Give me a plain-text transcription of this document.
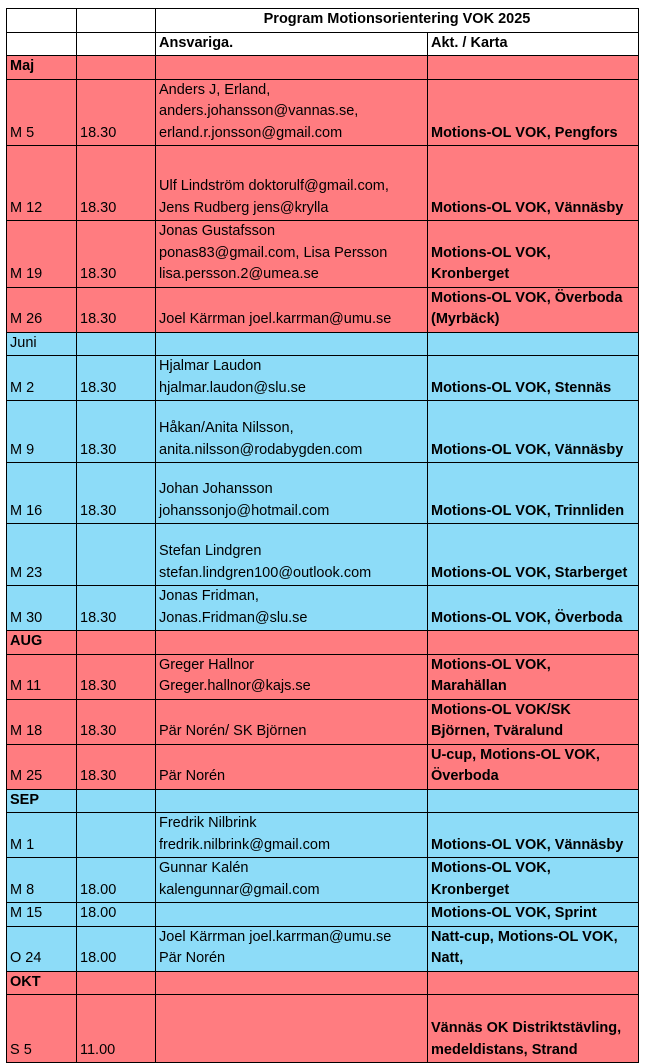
		Program Motionsorientering VOK 2025	
		Ansvariga.	Akt. / Karta
Maj			
M 5	18.30	Anders J, Erland,
anders.johansson@vannas.se,
erland.r.jonsson@gmail.com	Motions-OL VOK, Pengfors
M 12	18.30	Ulf Lindström doktorulf@gmail.com,
Jens Rudberg jens@krylla	Motions-OL VOK, Vännäsby
M 19	18.30	Jonas Gustafsson
ponas83@gmail.com, Lisa Persson
lisa.persson.2@umea.se	Motions-OL VOK,
Kronberget
M 26	18.30	Joel Kärrman joel.karrman@umu.se	Motions-OL VOK, Överboda
(Myrbäck)
Juni			
M 2	18.30	Hjalmar Laudon
hjalmar.laudon@slu.se	Motions-OL VOK, Stennäs
M 9	18.30	Håkan/Anita Nilsson,
anita.nilsson@rodabygden.com	Motions-OL VOK, Vännäsby
M 16	18.30	Johan Johansson
johanssonjo@hotmail.com	Motions-OL VOK, Trinnliden
M 23		Stefan Lindgren
stefan.lindgren100@outlook.com	Motions-OL VOK, Starberget
M 30	18.30	Jonas Fridman,
Jonas.Fridman@slu.se	Motions-OL VOK, Överboda
AUG			
M 11	18.30	Greger Hallnor
Greger.hallnor@kajs.se	Motions-OL VOK,
Marahällan
M 18	18.30	Pär Norén/ SK Björnen	Motions-OL VOK/SK
Björnen, Tväralund
M 25	18.30	Pär Norén	U-cup, Motions-OL VOK,
Överboda
SEP			
M 1		Fredrik Nilbrink
fredrik.nilbrink@gmail.com	Motions-OL VOK, Vännäsby
M 8	18.00	Gunnar Kalén
kalengunnar@gmail.com	Motions-OL VOK,
Kronberget
M 15	18.00		Motions-OL VOK, Sprint
O 24	18.00	Joel Kärrman joel.karrman@umu.se
Pär Norén	Natt-cup, Motions-OL VOK,
Natt,
OKT			
S 5	11.00		Vännäs OK Distriktstävling,
medeldistans, Strand
